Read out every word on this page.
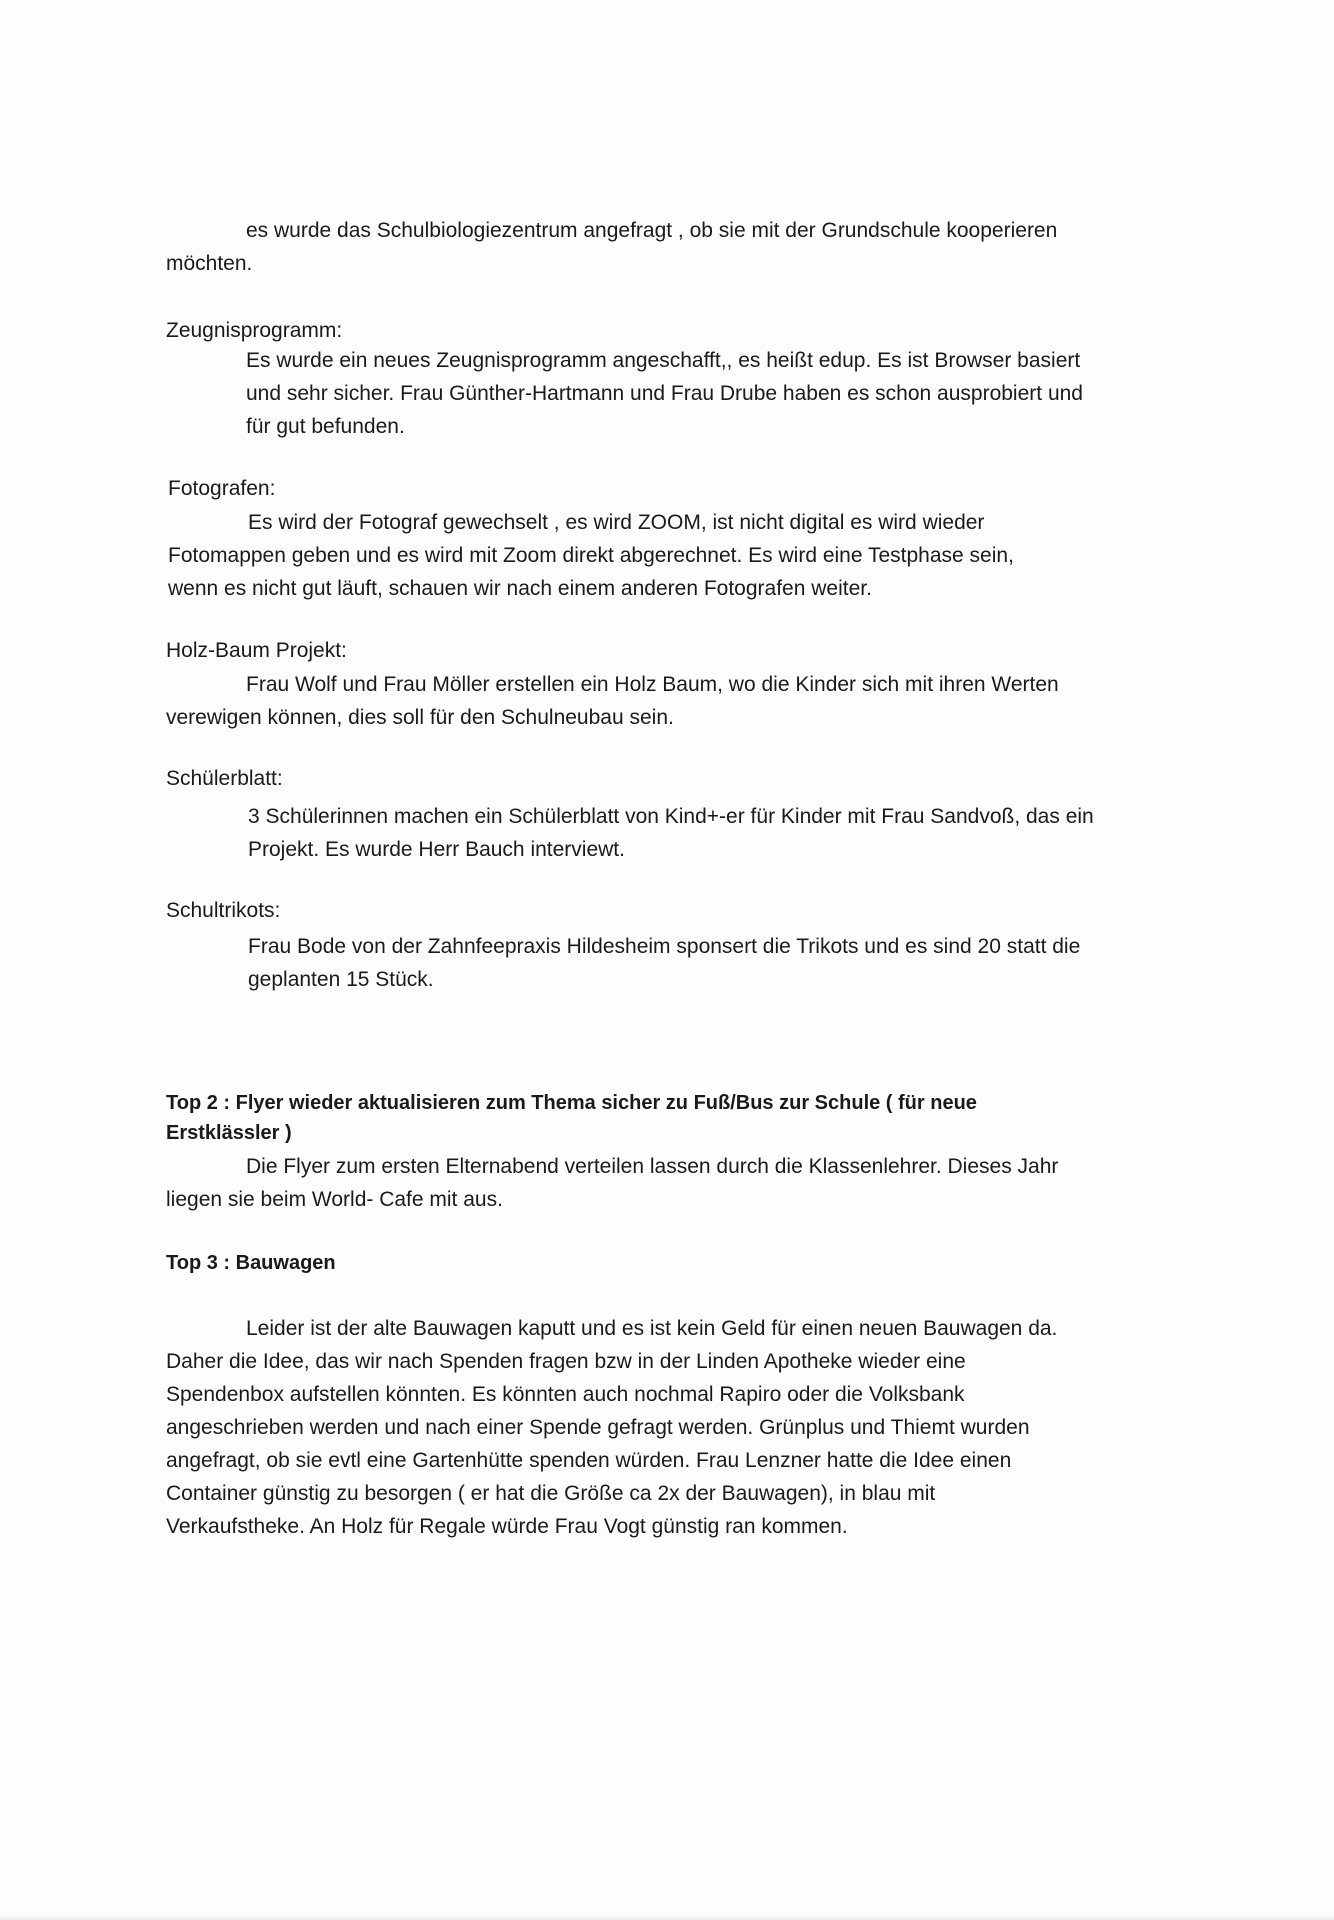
es wurde das Schulbiologiezentrum angefragt , ob sie mit der Grundschule kooperieren
möchten.
Zeugnisprogramm:
Es wurde ein neues Zeugnisprogramm angeschafft,, es heißt edup. Es ist Browser basiert
und sehr sicher. Frau Günther-Hartmann und Frau Drube haben es schon ausprobiert und
für gut befunden.
Fotografen:
Es wird der Fotograf gewechselt , es wird ZOOM, ist nicht digital es wird wieder
Fotomappen geben und es wird mit Zoom direkt abgerechnet. Es wird eine Testphase sein,
wenn es nicht gut läuft, schauen wir nach einem anderen Fotografen weiter.
Holz-Baum Projekt:
Frau Wolf und Frau Möller erstellen ein Holz Baum, wo die Kinder sich mit ihren Werten
verewigen können, dies soll für den Schulneubau sein.
Schülerblatt:
3 Schülerinnen machen ein Schülerblatt von Kind+-er für Kinder mit Frau Sandvoß, das ein
Projekt. Es wurde Herr Bauch interviewt.
Schultrikots:
Frau Bode von der Zahnfeepraxis Hildesheim sponsert die Trikots und es sind 20 statt die
geplanten 15 Stück.
Top 2 : Flyer wieder aktualisieren zum Thema sicher zu Fuß/Bus zur Schule ( für neue
Erstklässler )
Die Flyer zum ersten Elternabend verteilen lassen durch die Klassenlehrer. Dieses Jahr
liegen sie beim World- Cafe mit aus.
Top 3 : Bauwagen
Leider ist der alte Bauwagen kaputt und es ist kein Geld für einen neuen Bauwagen da.
Daher die Idee, das wir nach Spenden fragen bzw in der Linden Apotheke wieder eine
Spendenbox aufstellen könnten. Es könnten auch nochmal Rapiro oder die Volksbank
angeschrieben werden und nach einer Spende gefragt werden. Grünplus und Thiemt wurden
angefragt, ob sie evtl eine Gartenhütte spenden würden. Frau Lenzner hatte die Idee einen
Container günstig zu besorgen ( er hat die Größe ca 2x der Bauwagen), in blau mit
Verkaufstheke. An Holz für Regale würde Frau Vogt günstig ran kommen.
